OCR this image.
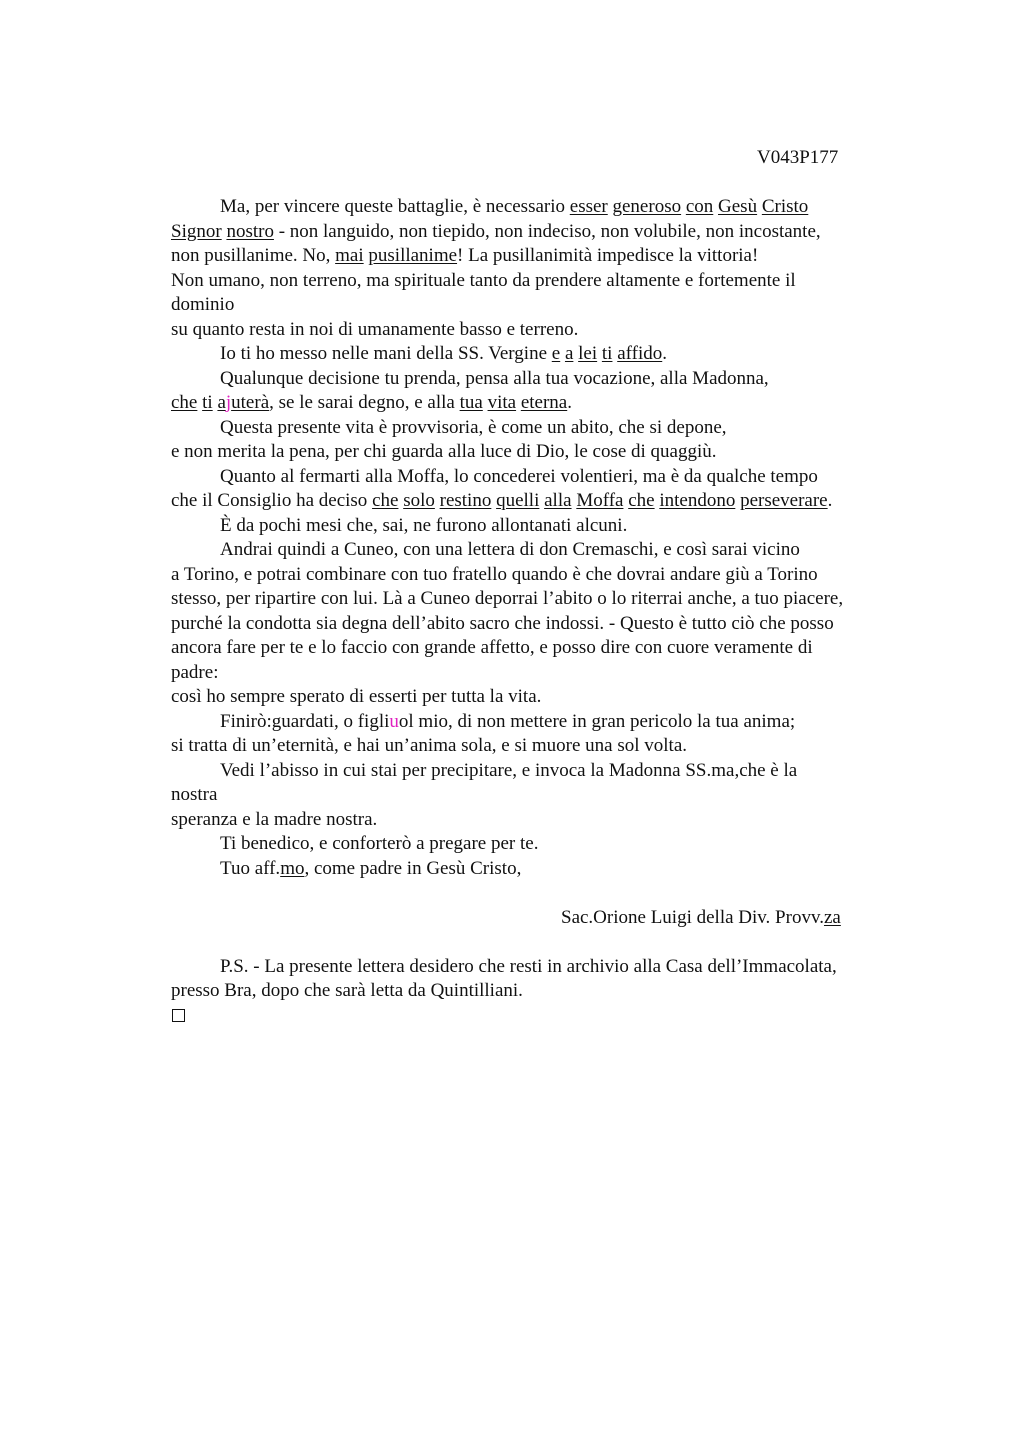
V043P177
Ma, per vincere queste battaglie, è necessario esser generoso con Gesù Cristo
Signor nostro - non languido, non tiepido, non indeciso, non volubile, non incostante,
non pusillanime. No, mai pusillanime! La pusillanimità impedisce la vittoria!
Non umano, non terreno, ma spirituale tanto da prendere altamente e fortemente il
dominio
su quanto resta in noi di umanamente basso e terreno.
Io ti ho messo nelle mani della SS. Vergine e a lei ti affido.
Qualunque decisione tu prenda, pensa alla tua vocazione, alla Madonna,
che ti ajuterà, se le sarai degno, e alla tua vita eterna.
Questa presente vita è provvisoria, è come un abito, che si depone,
e non merita la pena, per chi guarda alla luce di Dio, le cose di quaggiù.
Quanto al fermarti alla Moffa, lo concederei volentieri, ma è da qualche tempo
che il Consiglio ha deciso che solo restino quelli alla Moffa che intendono perseverare.
È da pochi mesi che, sai, ne furono allontanati alcuni.
Andrai quindi a Cuneo, con una lettera di don Cremaschi, e così sarai vicino
a Torino, e potrai combinare con tuo fratello quando è che dovrai andare giù a Torino
stesso, per ripartire con lui. Là a Cuneo deporrai l’abito o lo riterrai anche, a tuo piacere,
purché la condotta sia degna dell’abito sacro che indossi. - Questo è tutto ciò che posso
ancora fare per te e lo faccio con grande affetto, e posso dire con cuore veramente di
padre:
così ho sempre sperato di esserti per tutta la vita.
Finirò:guardati, o figliuol mio, di non mettere in gran pericolo la tua anima;
si tratta di un’eternità, e hai un’anima sola, e si muore una sol volta.
Vedi l’abisso in cui stai per precipitare, e invoca la Madonna SS.ma,che è la
nostra
speranza e la madre nostra.
Ti benedico, e conforterò a pregare per te.
Tuo aff.mo, come padre in Gesù Cristo,
Sac.Orione Luigi della Div. Provv.za
P.S. - La presente lettera desidero che resti in archivio alla Casa dell’Immacolata,
presso Bra, dopo che sarà letta da Quintilliani.
